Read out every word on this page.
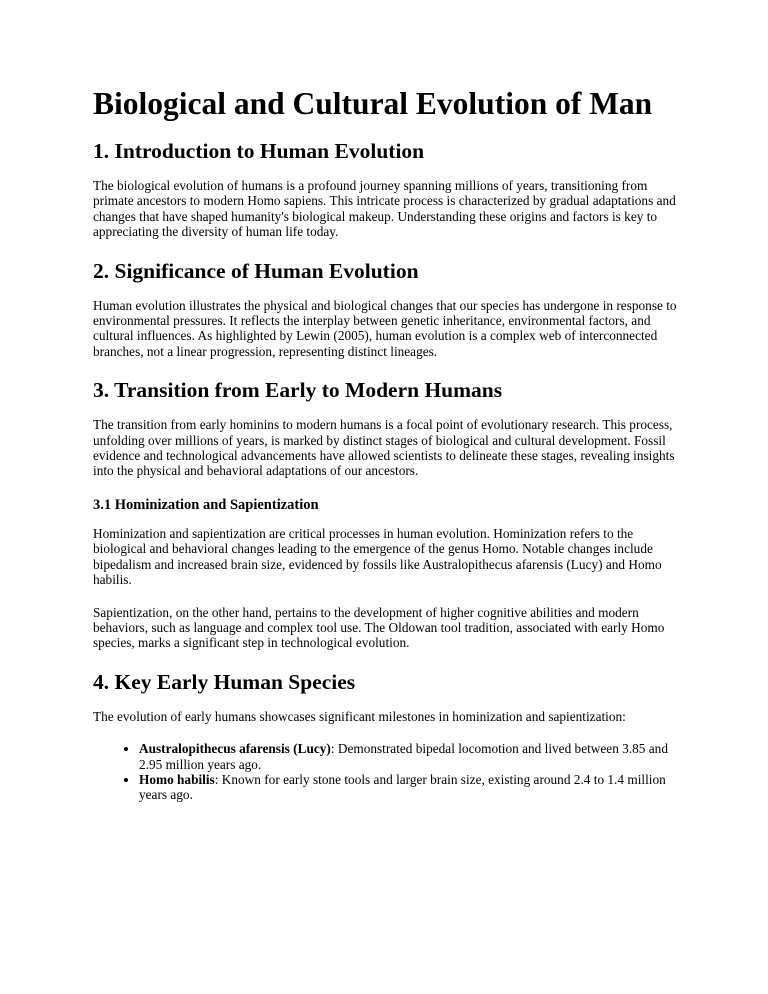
Biological and Cultural Evolution of Man
1. Introduction to Human Evolution

The biological evolution of humans is a profound journey spanning millions of years, transitioning from primate ancestors to modern Homo sapiens. This intricate process is characterized by gradual adaptations and changes that have shaped humanity's biological makeup. Understanding these origins and factors is key to appreciating the diversity of human life today.

2. Significance of Human Evolution

Human evolution illustrates the physical and biological changes that our species has undergone in response to environmental pressures. It reflects the interplay between genetic inheritance, environmental factors, and cultural influences. As highlighted by Lewin (2005), human evolution is a complex web of interconnected branches, not a linear progression, representing distinct lineages.

3. Transition from Early to Modern Humans

The transition from early hominins to modern humans is a focal point of evolutionary research. This process, unfolding over millions of years, is marked by distinct stages of biological and cultural development. Fossil evidence and technological advancements have allowed scientists to delineate these stages, revealing insights into the physical and behavioral adaptations of our ancestors.

3.1 Hominization and Sapientization

Hominization and sapientization are critical processes in human evolution. Hominization refers to the biological and behavioral changes leading to the emergence of the genus Homo. Notable changes include bipedalism and increased brain size, evidenced by fossils like Australopithecus afarensis (Lucy) and Homo habilis.

Sapientization, on the other hand, pertains to the development of higher cognitive abilities and modern behaviors, such as language and complex tool use. The Oldowan tool tradition, associated with early Homo species, marks a significant step in technological evolution.

4. Key Early Human Species

The evolution of early humans showcases significant milestones in hominization and sapientization:

• Australopithecus afarensis (Lucy): Demonstrated bipedal locomotion and lived between 3.85 and 2.95 million years ago.
• Homo habilis: Known for early stone tools and larger brain size, existing around 2.4 to 1.4 million years ago.
